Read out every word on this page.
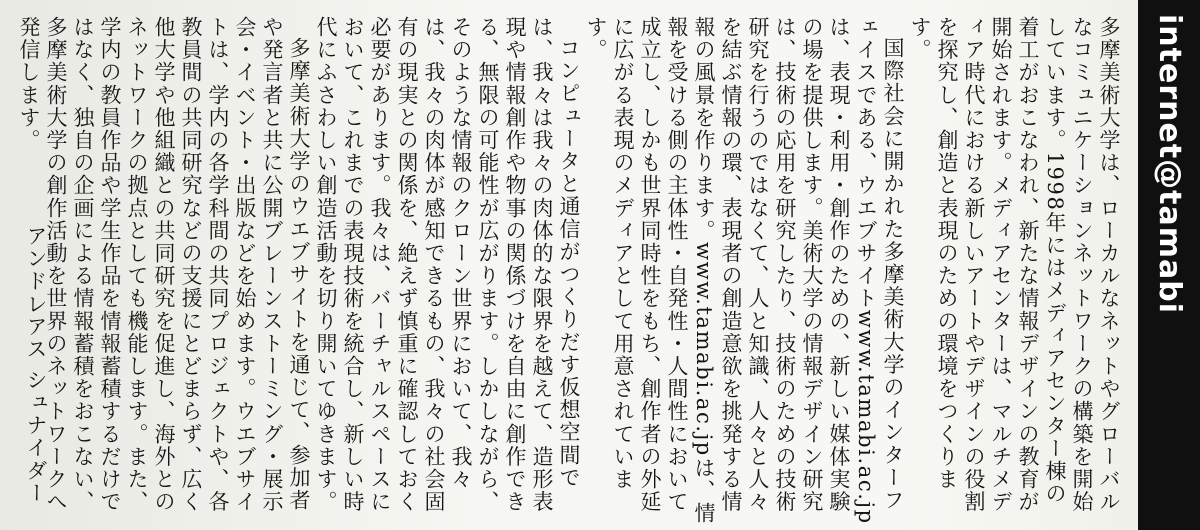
internet@tamabi

多摩美術大学は、ローカルなネットやグローバルなコミュニケーションネットワークの構築を開始しています。1998年にはメディアセンター棟の着工がおこなわれ、新たな情報デザインの教育が開始されます。メディアセンターは、マルチメディア時代における新しいアートやデザインの役割を探究し、創造と表現のための環境をつくります。

国際社会に開かれた多摩美術大学のインターフェイスである、ウエブサイトwww.tamabi.ac.jpは、表現・利用・創作のための、新しい媒体実験の場を提供します。美術大学の情報デザイン研究は、技術の応用を研究したり、技術のための技術研究を行うのではなくて、人と知識、人々と人々を結ぶ情報の環、表現者の創造意欲を挑発する情報の風景を作ります。www.tamabi.ac.jpは、情報を受ける側の主体性・自発性・人間性において成立し、しかも世界同時性をもち、創作者の外延に広がる表現のメディアとして用意されています。

コンピュータと通信がつくりだす仮想空間では、我々は我々の肉体的な限界を越えて、造形表現や情報創作や物事の関係づけを自由に創作できる、無限の可能性が広がります。しかしながら、そのような情報のクローン世界において、我々は、我々の肉体が感知できるもの、我々の社会固有の現実との関係を、絶えず慎重に確認しておく必要があります。我々は、バーチャルスペースにおいて、これまでの表現技術を統合し、新しい時代にふさわしい創造活動を切り開いてゆきます。

多摩美術大学のウエブサイトを通じて、参加者や発言者と共に公開ブレーンストーミング・展示会・イベント・出版などを始めます。ウエブサイトは、学内の各学科間の共同プロジェクトや、各教員間の共同研究などの支援にとどまらず、広く他大学や他組織との共同研究を促進し、海外とのネットワークの拠点としても機能します。また、学内の教員作品や学生作品を情報蓄積するだけではなく、独自の企画による情報蓄積をおこない、多摩美術大学の創作活動を世界のネットワークへ発信します。

アンドレアス シュナイダー
